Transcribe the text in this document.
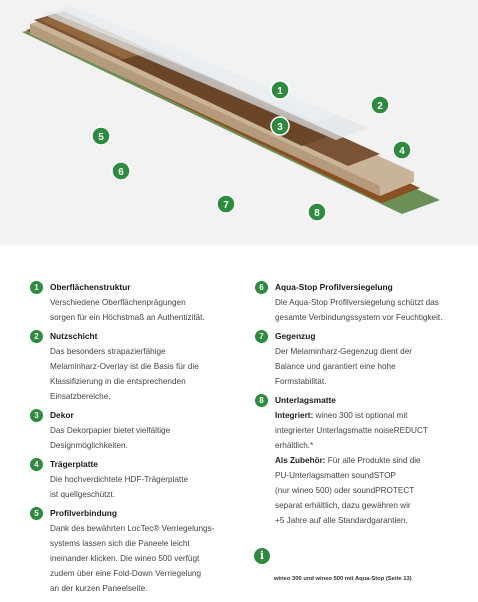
1
2
3
4
5
6
7
8
1	Oberflächenstruktur
Verschiedene Oberflächenprägungen
sorgen für ein Höchstmaß an Authentizität.
2	Nutzschicht
Das besonders strapazierfähige
Melaminharz-Overlay ist die Basis für die
Klassifizierung in die entsprechenden
Einsatzbereiche.
3	Dekor
Das Dekorpapier bietet vielfältige
Designmöglichkeiten.
4	Trägerplatte
Die hochverdichtete HDF-Trägerplatte
ist quellgeschützt.
5	Profilverbindung
Dank des bewährten LocTec® Verriegelungs-
systems lassen sich die Paneele leicht
ineinander klicken. Die wineo 500 verfügt
zudem über eine Fold-Down Verriegelung
an der kurzen Paneelseite.
6	Aqua-Stop Profilversiegelung
Die Aqua-Stop Profilversiegelung schützt das
gesamte Verbindungssystem vor Feuchtigkeit.
7	Gegenzug
Der Melaminharz-Gegenzug dient der
Balance und garantiert eine hohe
Formstabilität.
8	Unterlagsmatte
Integriert: wineo 300 ist optional mit
integrierter Unterlagsmatte noiseREDUCT
erhältlich.*
Als Zubehör: Für alle Produkte sind die
PU-Unterlagsmatten soundSTOP
(nur wineo 500) oder soundPROTECT
separat erhältlich, dazu gewähren wir
+5 Jahre auf alle Standardgarantien.
i
wineo 300 und wineo 500 mit Aqua-Stop (Seite 13)
